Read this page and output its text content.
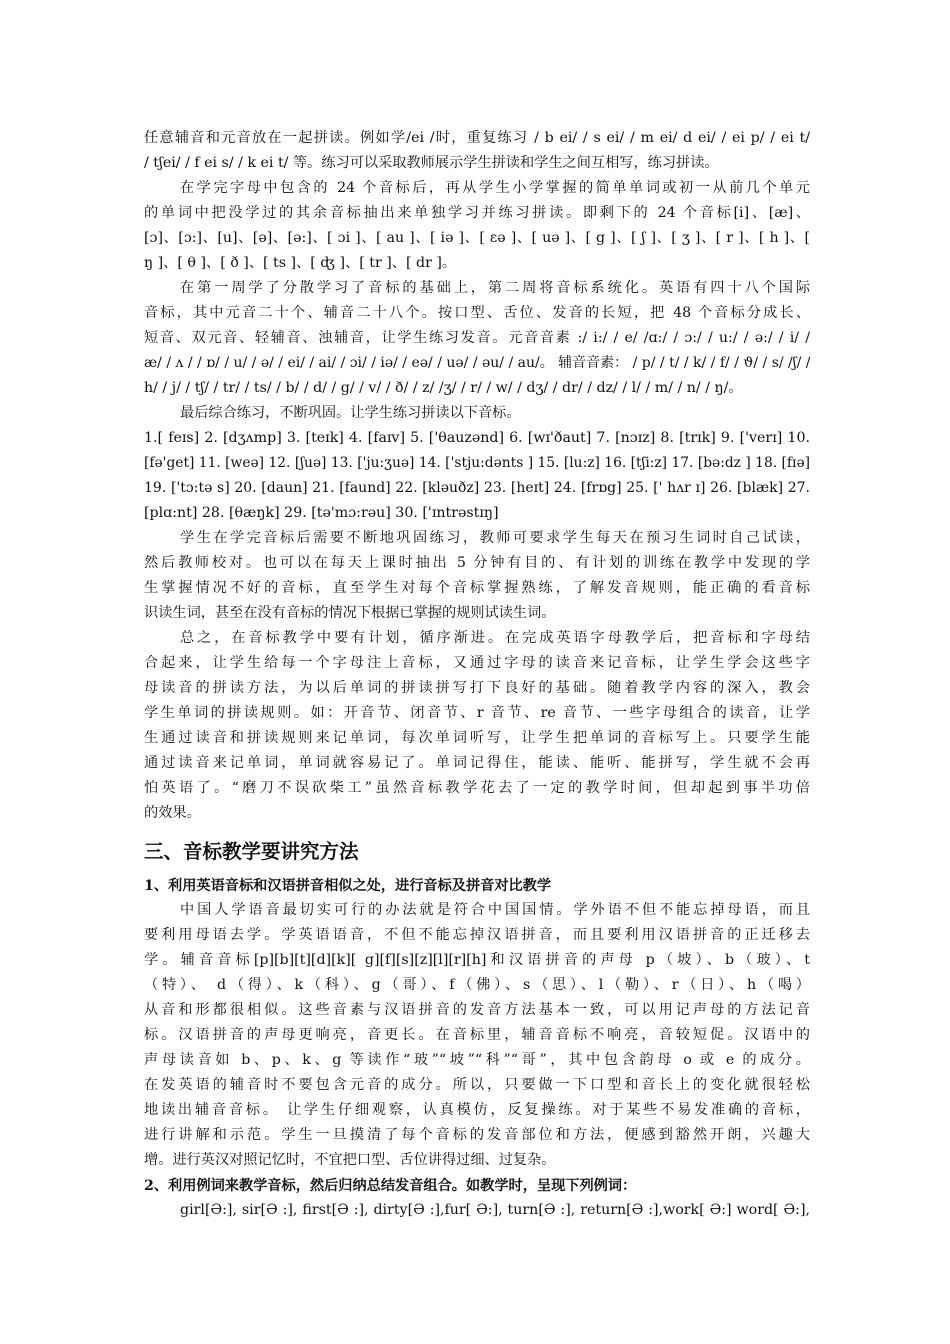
任意辅音和元音放在一起拼读。例如学/ei /时，重复练习 / b ei/ / s ei/ / m ei/ d ei/ / ei p/ / ei t/
/ tʃei/ / f ei s/ / k ei t/ 等。练习可以采取教师展示学生拼读和学生之间互相写，练习拼读。
在学完字母中包含的 24 个音标后，再从学生小学掌握的简单单词或初一从前几个单元
的单词中把没学过的其余音标抽出来单独学习并练习拼读。即剩下的 24 个音标[i]、[æ]、
[ɔ]、[ɔ:]、[u]、[ə]、[ə:]、[ ɔi ]、[ au ]、[ iə ]、[ ɛə ]、[ uə ]、[ g ]、[ ʃ ]、[ ʒ ]、[ r ]、[ h ]、[
ŋ ]、[ θ ]、[ ð ]、[ ts ]、[ ʤ ]、[ tr ]、[ dr ]。
在第一周学了分散学习了音标的基础上，第二周将音标系统化。英语有四十八个国际
音标，其中元音二十个、辅音二十八个。按口型、舌位、发音的长短，把 48 个音标分成长、
短音、双元音、轻辅音、浊辅音，让学生练习发音。元音音素 :/ i:/ / e/ /ɑ:/ / ɔ:/ / u:/ / ə:/ / i/ /
æ/ / ʌ / / ɒ/ / u/ / ə/ / ei/ / ai/ / ɔi/ / iə/ / eə/ / uə/ / əu/ / au/。 辅音音素： / p/ / t/ / k/ / f/ / ϑ/ / s/ /ʃ/ /
h/ / j/ / tʃ/ / tr/ / ts/ / b/ / d/ / g/ / v/ / ð/ / z/ /ʒ/ / r/ / w/ / dʒ/ / dr/ / dz/ / l/ / m/ / n/ / ŋ/。
最后综合练习，不断巩固。让学生练习拼读以下音标。
1.[ feɪs] 2. [dʒʌmp] 3. [teɪk] 4. [faɪv] 5. ['θauzənd] 6. [wɪ'ðaut] 7. [nɔɪz] 8. [trɪk] 9. ['verɪ] 10.
[fə'get] 11. [weə] 12. [ʃuə] 13. ['ju:ʒuə] 14. ['stju:dənts ] 15. [lu:z] 16. [tʃi:z] 17. [bə:dz ] 18. [fɪə]
19. ['tɔ:tə s] 20. [daun] 21. [faund] 22. [kləuðz] 23. [heɪt] 24. [frɒg] 25. [' hʌr ɪ] 26. [blæk] 27.
[plɑ:nt] 28. [θæŋk] 29. [tə'mɔ:rəu] 30. ['ɪntrəstɪŋ]
学生在学完音标后需要不断地巩固练习，教师可要求学生每天在预习生词时自己试读，
然后教师校对。也可以在每天上课时抽出 5 分钟有目的、有计划的训练在教学中发现的学
生掌握情况不好的音标，直至学生对每个音标掌握熟练，了解发音规则，能正确的看音标
识读生词，甚至在没有音标的情况下根据已掌握的规则试读生词。
总之，在音标教学中要有计划，循序渐进。在完成英语字母教学后，把音标和字母结
合起来，让学生给每一个字母注上音标，又通过字母的读音来记音标，让学生学会这些字
母读音的拼读方法，为以后单词的拼读拼写打下良好的基础。随着教学内容的深入，教会
学生单词的拼读规则。如：开音节、闭音节、r 音节、re 音节、一些字母组合的读音，让学
生通过读音和拼读规则来记单词，每次单词听写，让学生把单词的音标写上。只要学生能
通过读音来记单词，单词就容易记了。单词记得住，能读、能听、能拼写，学生就不会再
怕英语了。“磨刀不误砍柴工”虽然音标教学花去了一定的教学时间，但却起到事半功倍
的效果。
三、音标教学要讲究方法
1、利用英语音标和汉语拼音相似之处，进行音标及拼音对比教学
中国人学语音最切实可行的办法就是符合中国国情。学外语不但不能忘掉母语，而且
要利用母语去学。学英语语音，不但不能忘掉汉语拼音，而且要利用汉语拼音的正迁移去
学。辅音音标[p][b][t][d][k][ g][f][s][z][l][r][h]和汉语拼音的声母 p（坡）、b（玻）、t
（特）、 d（得）、k（科）、g（哥）、f（佛）、s（思）、l（勒）、r（日）、h（喝）
从音和形都很相似。这些音素与汉语拼音的发音方法基本一致，可以用记声母的方法记音
标。汉语拼音的声母更响亮，音更长。在音标里，辅音音标不响亮，音较短促。汉语中的
声母读音如 b、p、k、g 等读作“玻”“坡”“科”“哥”，其中包含韵母 o 或 e 的成分。
在发英语的辅音时不要包含元音的成分。所以，只要做一下口型和音长上的变化就很轻松
地读出辅音音标。 让学生仔细观察，认真模仿，反复操练。对于某些不易发准确的音标，
进行讲解和示范。学生一旦摸清了每个音标的发音部位和方法，便感到豁然开朗，兴趣大
增。进行英汉对照记忆时，不宜把口型、舌位讲得过细、过复杂。
2、利用例词来教学音标，然后归纳总结发音组合。如教学时，呈现下列例词：
girl[Ə:], sir[Ə :], first[Ə :], dirty[Ə :],fur[ Ə:], turn[Ə :], return[Ə :],work[ Ə:] word[ Ə:],
